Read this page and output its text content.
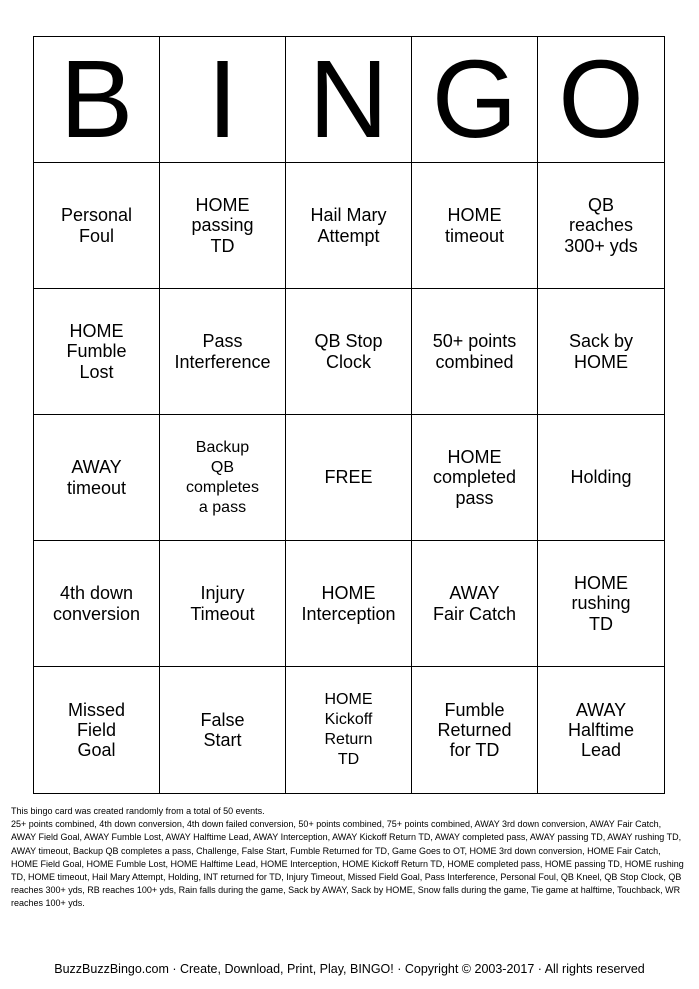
B I N G O
Personal
Foul
HOME
passing
TD
Hail Mary
Attempt
HOME
timeout
QB
reaches
300+ yds
HOME
Fumble
Lost
Pass
Interference
QB Stop
Clock
50+ points
combined
Sack by
HOME
AWAY
timeout
Backup
QB
completes
a pass
FREE
HOME
completed
pass
Holding
4th down
conversion
Injury
Timeout
HOME
Interception
AWAY
Fair Catch
HOME
rushing
TD
Missed
Field
Goal
False
Start
HOME
Kickoff
Return
TD
Fumble
Returned
for TD
AWAY
Halftime
Lead
This bingo card was created randomly from a total of 50 events.
25+ points combined, 4th down conversion, 4th down failed conversion, 50+ points combined, 75+ points combined, AWAY 3rd down conversion, AWAY Fair Catch, AWAY Field Goal, AWAY Fumble Lost, AWAY Halftime Lead, AWAY Interception, AWAY Kickoff Return TD, AWAY completed pass, AWAY passing TD, AWAY rushing TD, AWAY timeout, Backup QB completes a pass, Challenge, False Start, Fumble Returned for TD, Game Goes to OT, HOME 3rd down conversion, HOME Fair Catch, HOME Field Goal, HOME Fumble Lost, HOME Halftime Lead, HOME Interception, HOME Kickoff Return TD, HOME completed pass, HOME passing TD, HOME rushing TD, HOME timeout, Hail Mary Attempt, Holding, INT returned for TD, Injury Timeout, Missed Field Goal, Pass Interference, Personal Foul, QB Kneel, QB Stop Clock, QB reaches 300+ yds, RB reaches 100+ yds, Rain falls during the game, Sack by AWAY, Sack by HOME, Snow falls during the game, Tie game at halftime, Touchback, WR reaches 100+ yds.
BuzzBuzzBingo.com · Create, Download, Print, Play, BINGO! · Copyright © 2003-2017 · All rights reserved
